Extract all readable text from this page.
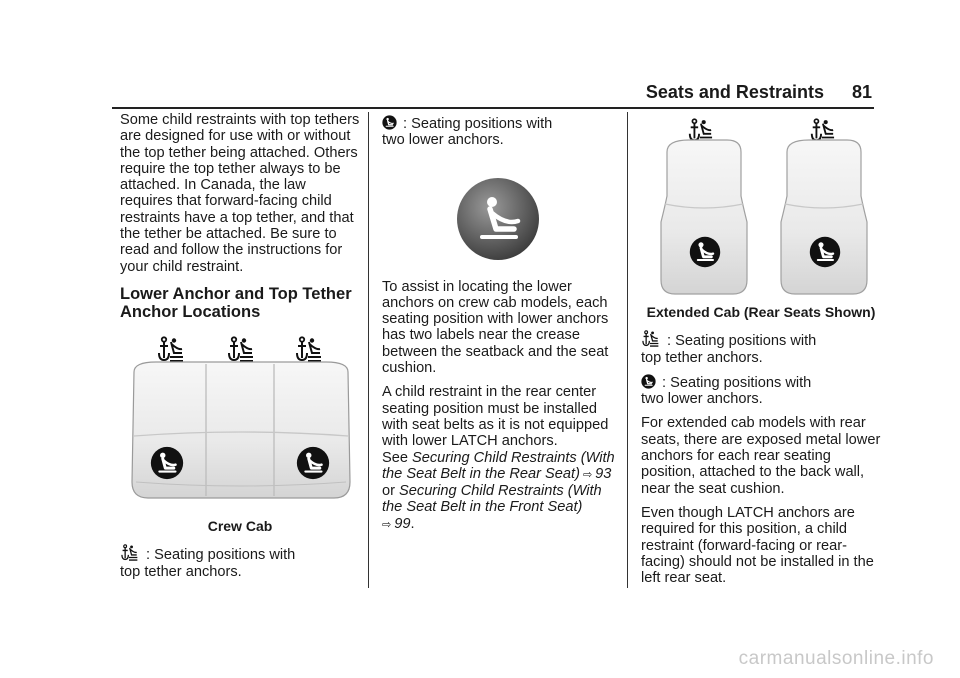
Seats and Restraints 81

Some child restraints with top tethers are designed for use with or without the top tether being attached. Others require the top tether always to be attached. In Canada, the law requires that forward-facing child restraints have a top tether, and that the tether be attached. Be sure to read and follow the instructions for your child restraint.

Lower Anchor and Top Tether Anchor Locations
Crew Cab
: Seating positions with
top tether anchors.
: Seating positions with
two lower anchors.

To assist in locating the lower anchors on crew cab models, each seating position with lower anchors has two labels near the crease between the seatback and the seat cushion.

A child restraint in the rear center seating position must be installed with seat belts as it is not equipped with lower LATCH anchors.
See Securing Child Restraints (With the Seat Belt in the Rear Seat) ⇨ 93
or Securing Child Restraints (With the Seat Belt in the Front Seat)
⇨ 99.

Extended Cab (Rear Seats Shown)

: Seating positions with
top tether anchors.

: Seating positions with
two lower anchors.

For extended cab models with rear seats, there are exposed metal lower anchors for each rear seating position, attached to the back wall, near the seat cushion.

Even though LATCH anchors are required for this position, a child restraint (forward-facing or rear-facing) should not be installed in the left rear seat.

carmanualsonline.info
